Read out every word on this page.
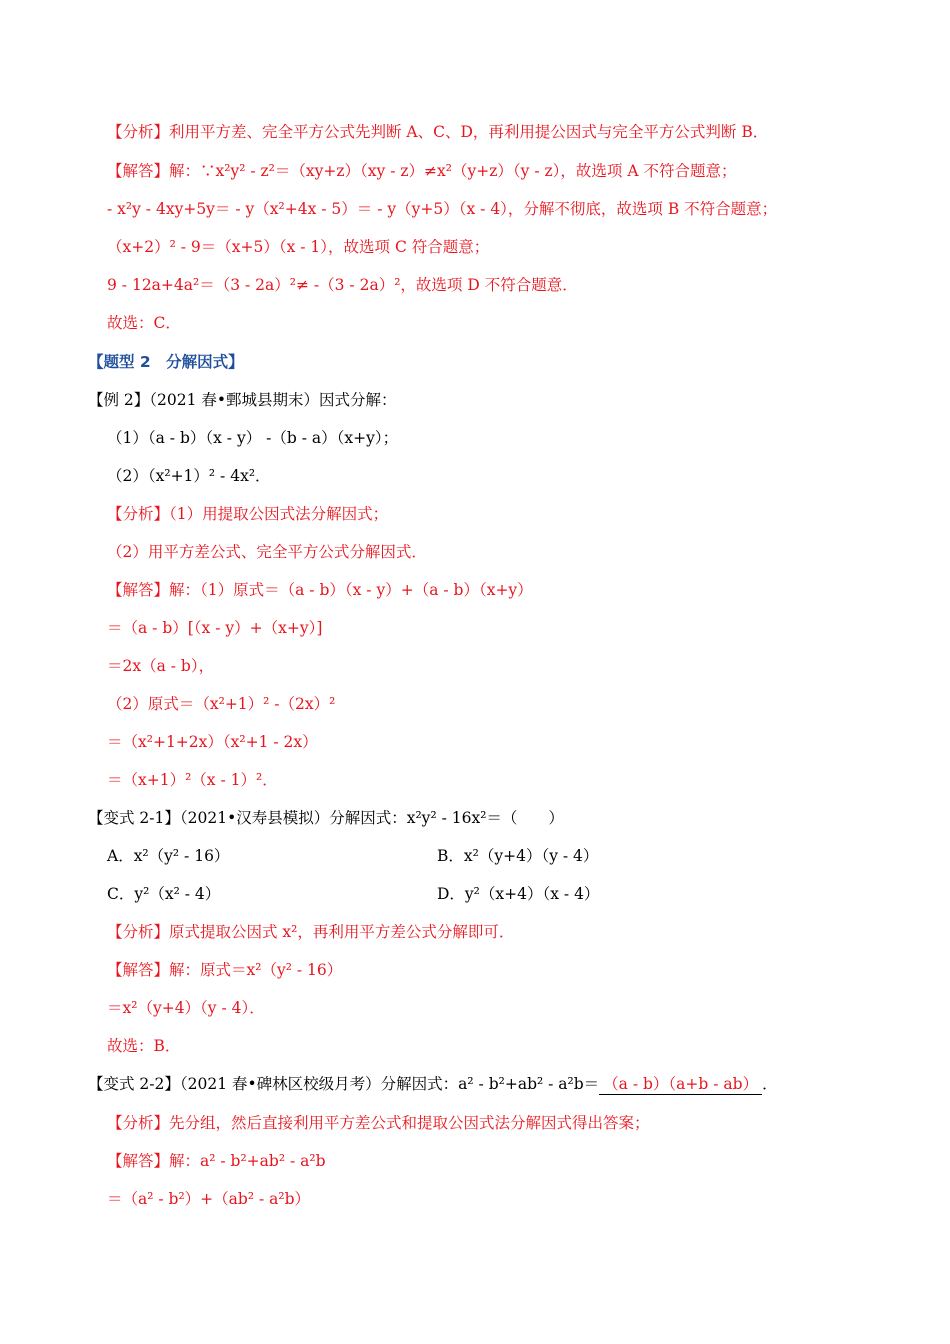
【分析】利用平方差、完全平方公式先判断 A、C、D，再利用提公因式与完全平方公式判断 B．
【解答】解：∵x²y² - z²＝（xy+z）（xy - z）≠x²（y+z）（y - z），故选项 A 不符合题意；
- x²y - 4xy+5y＝ - y（x²+4x - 5）＝ - y（y+5）（x - 4），分解不彻底，故选项 B 不符合题意；
（x+2）² - 9＝（x+5）（x - 1），故选项 C 符合题意；
9 - 12a+4a²＝（3 - 2a）²≠ -（3 - 2a）²，故选项 D 不符合题意．
故选：C．
【题型 2　分解因式】
【例 2】（2021 春•鄄城县期末）因式分解：
（1）（a - b）（x - y） -（b - a）（x+y）；
（2）（x²+1）² - 4x²．
【分析】（1）用提取公因式法分解因式；
（2）用平方差公式、完全平方公式分解因式．
【解答】解：（1）原式＝（a - b）（x - y）+（a - b）（x+y）
＝（a - b）[（x - y）+（x+y）]
＝2x（a - b），
（2）原式＝（x²+1）² -（2x）²
＝（x²+1+2x）（x²+1 - 2x）
＝（x+1）²（x - 1）²．
【变式 2-1】（2021•汉寿县模拟）分解因式：x²y² - 16x²＝（　　）
A．x²（y² - 16）	B．x²（y+4）（y - 4）
C．y²（x² - 4）	D．y²（x+4）（x - 4）
【分析】原式提取公因式 x²，再利用平方差公式分解即可．
【解答】解：原式＝x²（y² - 16）
＝x²（y+4）（y - 4）．
故选：B．
【变式 2-2】（2021 春•碑林区校级月考）分解因式：a² - b²+ab² - a²b＝ （a - b）（a+b - ab） ．
【分析】先分组，然后直接利用平方差公式和提取公因式法分解因式得出答案；
【解答】解：a² - b²+ab² - a²b
＝（a² - b²）+（ab² - a²b）
